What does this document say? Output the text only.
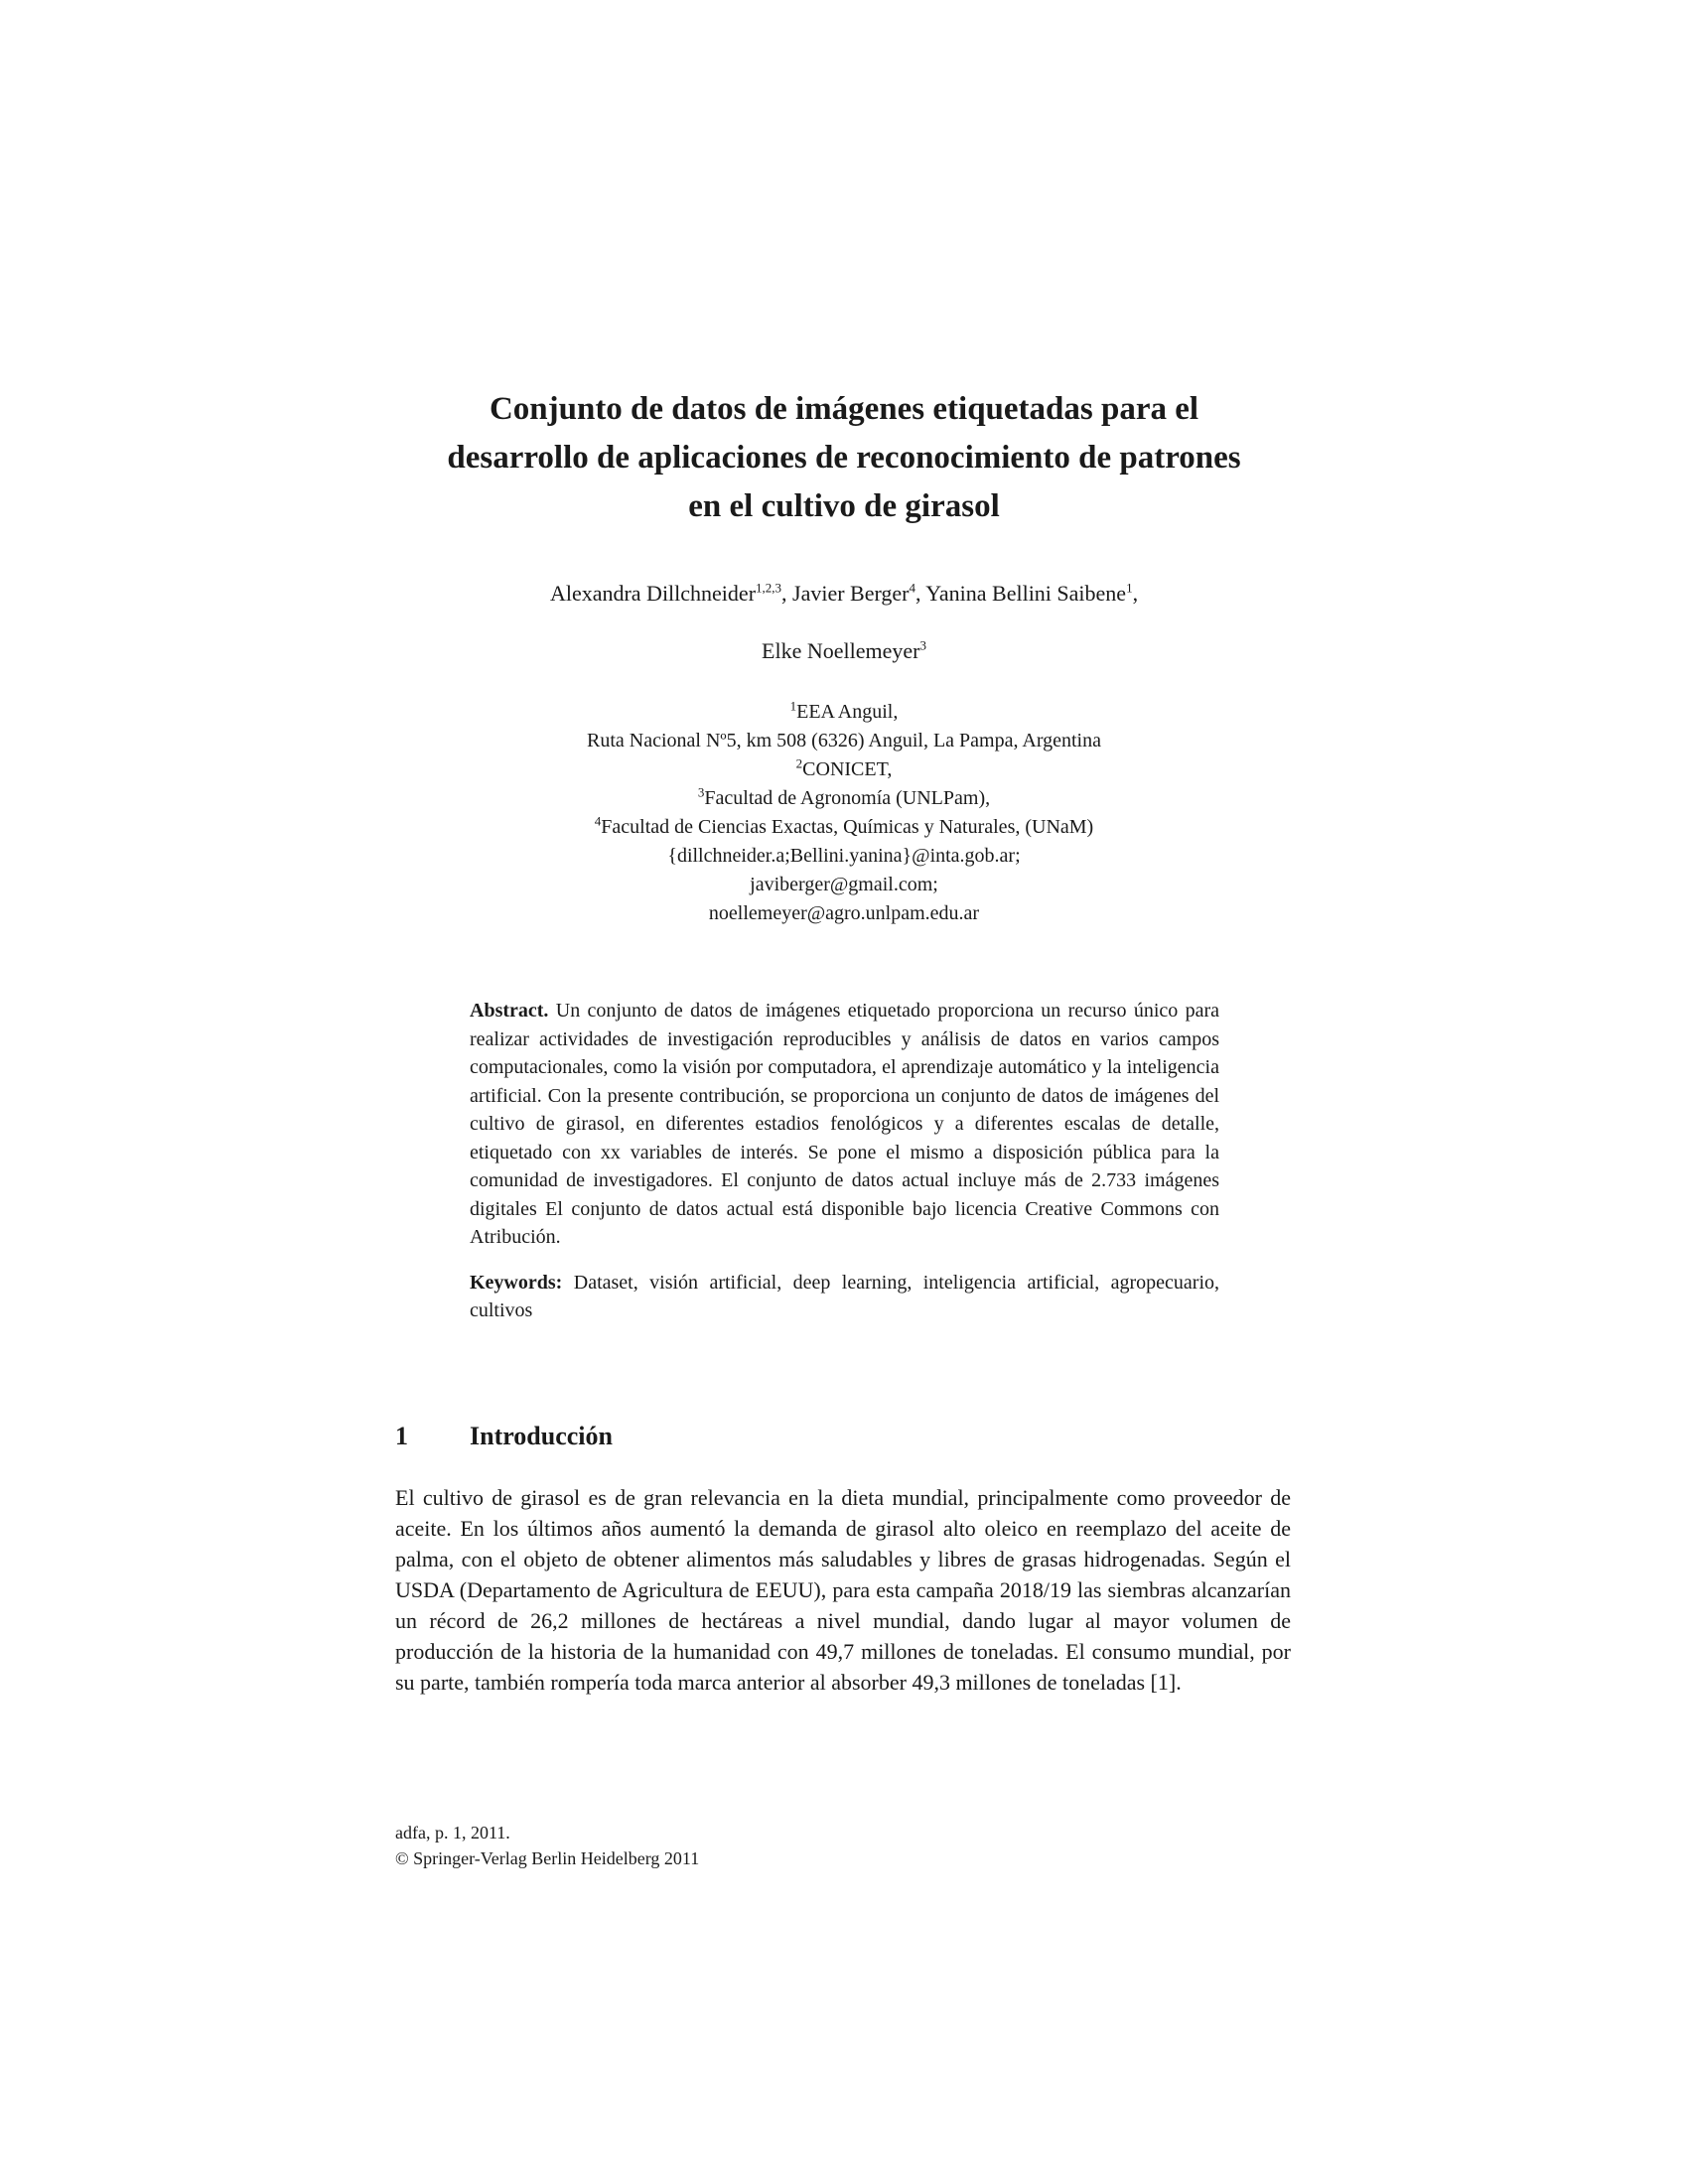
Conjunto de datos de imágenes etiquetadas para el
desarrollo de aplicaciones de reconocimiento de patrones
en el cultivo de girasol
Alexandra Dillchneider$^{1,2,3}$, Javier Berger$^4$, Yanina Bellini Saibene$^1$,
Elke Noellemeyer$^3$
$^1$EEA Anguil,
Ruta Nacional Nº5, km 508 (6326) Anguil, La Pampa, Argentina
$^2$CONICET,
$^3$Facultad de Agronomía (UNLPam),
$^4$Facultad de Ciencias Exactas, Químicas y Naturales, (UNaM)
{dillchneider.a;Bellini.yanina}@inta.gob.ar;
javiberger@gmail.com;
noellemeyer@agro.unlpam.edu.ar

Abstract. Un conjunto de datos de imágenes etiquetado proporciona un recurso único para realizar actividades de investigación reproducibles y análisis de datos en varios campos computacionales, como la visión por computadora, el aprendizaje automático y la inteligencia artificial. Con la presente contribución, se proporciona un conjunto de datos de imágenes del cultivo de girasol, en diferentes estadios fenológicos y a diferentes escalas de detalle, etiquetado con xx variables de interés. Se pone el mismo a disposición pública para la comunidad de investigadores. El conjunto de datos actual incluye más de 2.733 imágenes digitales El conjunto de datos actual está disponible bajo licencia Creative Commons con Atribución.

Keywords: Dataset, visión artificial, deep learning, inteligencia artificial, agropecuario, cultivos

1 Introducción

El cultivo de girasol es de gran relevancia en la dieta mundial, principalmente como proveedor de aceite. En los últimos años aumentó la demanda de girasol alto oleico en reemplazo del aceite de palma, con el objeto de obtener alimentos más saludables y libres de grasas hidrogenadas. Según el USDA (Departamento de Agricultura de EEUU), para esta campaña 2018/19 las siembras alcanzarían un récord de 26,2 millones de hectáreas a nivel mundial, dando lugar al mayor volumen de producción de la historia de la humanidad con 49,7 millones de toneladas. El consumo mundial, por su parte, también rompería toda marca anterior al absorber 49,3 millones de toneladas [1].

adfa, p. 1, 2011.
© Springer-Verlag Berlin Heidelberg 2011
